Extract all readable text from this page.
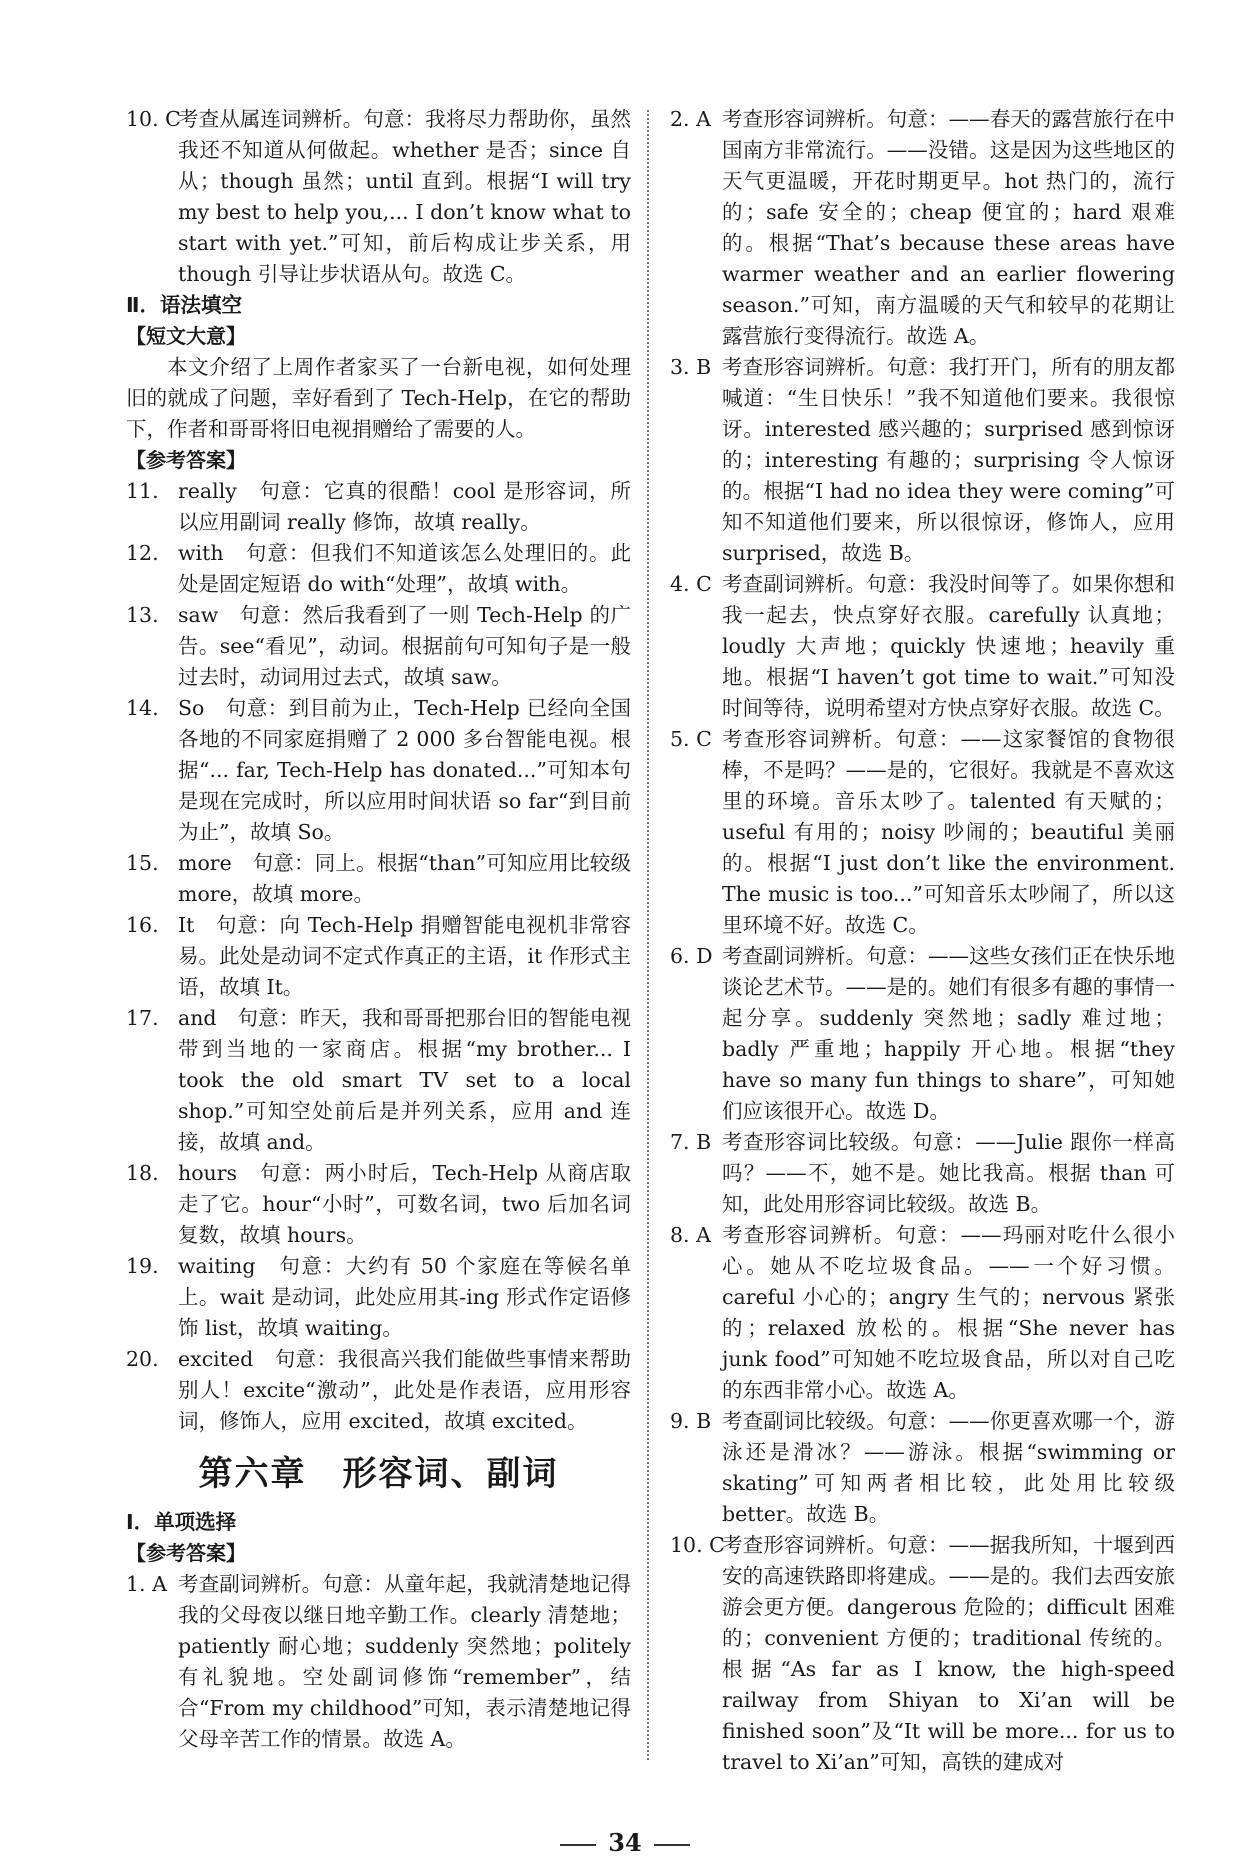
10. C
考查从属连词辨析。句意：我将尽力帮助你，虽然我还不知道从何做起。whether 是否；since 自从；though 虽然；until 直到。根据“I will try my best to help you,... I don’t know what to start with yet.”可知，前后构成让步关系，用 though 引导让步状语从句。故选 C。

Ⅱ．语法填空

【短文大意】

本文介绍了上周作者家买了一台新电视，如何处理旧的就成了问题，幸好看到了 Tech-Help，在它的帮助下，作者和哥哥将旧电视捐赠给了需要的人。

【参考答案】

11. really　句意：它真的很酷！cool 是形容词，所以应用副词 really 修饰，故填 really。
12. with　句意：但我们不知道该怎么处理旧的。此处是固定短语 do with“处理”，故填 with。
13. saw　句意：然后我看到了一则 Tech-Help 的广告。see“看见”，动词。根据前句可知句子是一般过去时，动词用过去式，故填 saw。
14. So　句意：到目前为止，Tech-Help 已经向全国各地的不同家庭捐赠了 2 000 多台智能电视。根据“... far, Tech-Help has donated...”可知本句是现在完成时，所以应用时间状语 so far“到目前为止”，故填 So。
15. more　句意：同上。根据“than”可知应用比较级 more，故填 more。
16. It　句意：向 Tech-Help 捐赠智能电视机非常容易。此处是动词不定式作真正的主语，it 作形式主语，故填 It。
17. and　句意：昨天，我和哥哥把那台旧的智能电视带到当地的一家商店。根据“my brother... I took the old smart TV set to a local shop.”可知空处前后是并列关系，应用 and 连接，故填 and。
18. hours　句意：两小时后，Tech-Help 从商店取走了它。hour“小时”，可数名词，two 后加名词复数，故填 hours。
19. waiting　句意：大约有 50 个家庭在等候名单上。wait 是动词，此处应用其-ing 形式作定语修饰 list，故填 waiting。
20. excited　句意：我很高兴我们能做些事情来帮助别人！excite“激动”，此处是作表语，应用形容词，修饰人，应用 excited，故填 excited。

第六章　形容词、副词

Ⅰ．单项选择

【参考答案】

1. A 考查副词辨析。句意：从童年起，我就清楚地记得我的父母夜以继日地辛勤工作。clearly 清楚地；patiently 耐心地；suddenly 突然地；politely 有礼貌地。空处副词修饰“remember”，结合“From my childhood”可知，表示清楚地记得父母辛苦工作的情景。故选 A。
2. A 考查形容词辨析。句意：——春天的露营旅行在中国南方非常流行。——没错。这是因为这些地区的天气更温暖，开花时期更早。hot 热门的，流行的；safe 安全的；cheap 便宜的；hard 艰难的。根据“That’s because these areas have warmer weather and an earlier flowering season.”可知，南方温暖的天气和较早的花期让露营旅行变得流行。故选 A。
3. B 考查形容词辨析。句意：我打开门，所有的朋友都喊道：“生日快乐！”我不知道他们要来。我很惊讶。interested 感兴趣的；surprised 感到惊讶的；interesting 有趣的；surprising 令人惊讶的。根据“I had no idea they were coming”可知不知道他们要来，所以很惊讶，修饰人，应用 surprised，故选 B。
4. C 考查副词辨析。句意：我没时间等了。如果你想和我一起去，快点穿好衣服。carefully 认真地；loudly 大声地；quickly 快速地；heavily 重地。根据“I haven’t got time to wait.”可知没时间等待，说明希望对方快点穿好衣服。故选 C。
5. C 考查形容词辨析。句意：——这家餐馆的食物很棒，不是吗？——是的，它很好。我就是不喜欢这里的环境。音乐太吵了。talented 有天赋的；useful 有用的；noisy 吵闹的；beautiful 美丽的。根据“I just don’t like the environment. The music is too...”可知音乐太吵闹了，所以这里环境不好。故选 C。
6. D 考查副词辨析。句意：——这些女孩们正在快乐地谈论艺术节。——是的。她们有很多有趣的事情一起分享。suddenly 突然地；sadly 难过地；badly 严重地；happily 开心地。根据“they have so many fun things to share”，可知她们应该很开心。故选 D。
7. B 考查形容词比较级。句意：——Julie 跟你一样高吗？——不，她不是。她比我高。根据 than 可知，此处用形容词比较级。故选 B。
8. A 考查形容词辨析。句意：——玛丽对吃什么很小心。她从不吃垃圾食品。——一个好习惯。careful 小心的；angry 生气的；nervous 紧张的；relaxed 放松的。根据“She never has junk food”可知她不吃垃圾食品，所以对自己吃的东西非常小心。故选 A。
9. B 考查副词比较级。句意：——你更喜欢哪一个，游泳还是滑冰？——游泳。根据“swimming or skating”可知两者相比较，此处用比较级 better。故选 B。
10. C
考查形容词辨析。句意：——据我所知，十堰到西安的高速铁路即将建成。——是的。我们去西安旅游会更方便。dangerous 危险的；difficult 困难的；convenient 方便的；traditional 传统的。根据“As far as I know, the high-speed railway from Shiyan to Xi’an will be finished soon”及“It will be more... for us to travel to Xi’an”可知，高铁的建成对
34
